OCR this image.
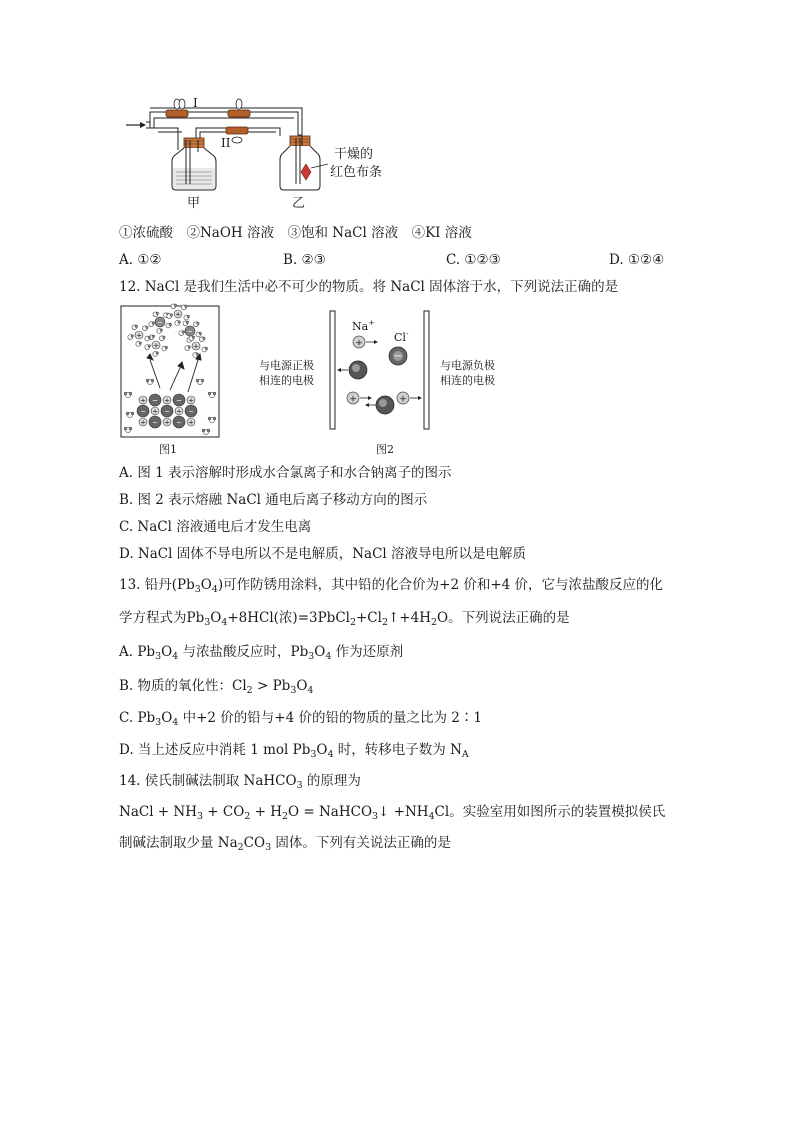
I
II
甲	乙
干燥的
红色布条
①浓硫酸　②NaOH 溶液　③饱和 NaCl 溶液　④KI 溶液
A. ①②	B. ②③	C. ①②③	D. ①②④
12. NaCl 是我们生活中必不可少的物质。将 NaCl 固体溶于水，下列说法正确的是
+
−
−
+
+
+
+ − + − +
− + − + −
+ − + − +
图1
+
−
+	+
Na+
Cl-
与电源正极
相连的电极
与电源负极
相连的电极
图2
A. 图 1 表示溶解时形成水合氯离子和水合钠离子的图示
B. 图 2 表示熔融 NaCl 通电后离子移动方向的图示
C. NaCl 溶液通电后才发生电离
D. NaCl 固体不导电所以不是电解质，NaCl 溶液导电所以是电解质
13. 铅丹$(Pb_3O_4)$可作防锈用涂料，其中铅的化合价为+2 价和+4 价，它与浓盐酸反应的化
学方程式为$Pb_3O_4+8HCl$(浓)$=3PbCl_2+Cl_2↑+4H_2O$。下列说法正确的是
A. $Pb_3O_4$ 与浓盐酸反应时，$Pb_3O_4$ 作为还原剂
B. 物质的氧化性：$Cl_2 > Pb_3O_4$
C. $Pb_3O_4$ 中+2 价的铅与+4 价的铅的物质的量之比为 2∶1
D. 当上述反应中消耗 1 mol $Pb_3O_4$ 时，转移电子数为 $N_A$
14. 侯氏制碱法制取 NaHCO$_3$ 的原理为
NaCl + $NH_3 + CO_2 + H_2O$ = NaHCO$_3$↓ $+NH_4Cl$。实验室用如图所示的装置模拟侯氏
制碱法制取少量 $Na_2CO_3$ 固体。下列有关说法正确的是
